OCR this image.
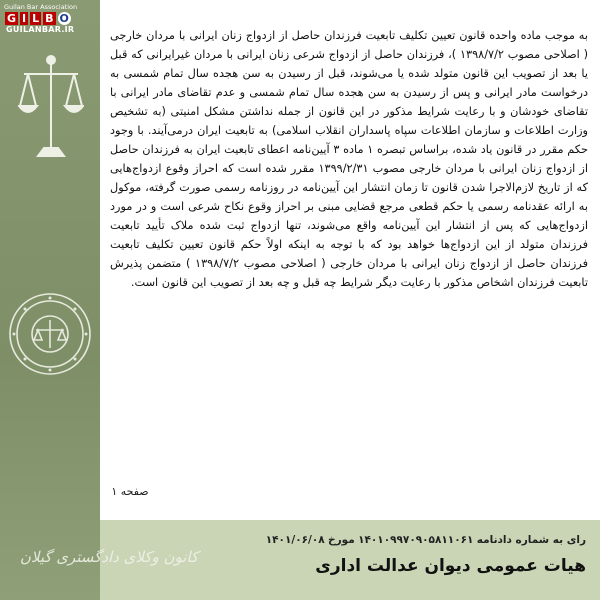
Guilan Bar Association
G I L B O
GUILANBAR.IR	به موجب ماده واحده قانون تعیین تکلیف تابعیت فرزندان حاصل از ازدواج زنان ایرانی با مردان خارجی ( اصلاحی مصوب ۱۳۹۸/۷/۲ )، فرزندان حاصل از ازدواج شرعی زنان ایرانی با مردان غیرایرانی که قبل یا بعد از تصویب این قانون متولد شده یا می‌شوند، قبل از رسیدن به سن هجده سال تمام شمسی به درخواست مادر ایرانی و پس از رسیدن به سن هجده سال تمام شمسی و عدم تقاضای مادر ایرانی با تقاضای خودشان و با رعایت شرایط مذکور در این قانون از جمله نداشتن مشکل امنیتی (به تشخیص وزارت اطلاعات و سازمان اطلاعات سپاه پاسداران انقلاب اسلامی) به تابعیت ایران درمی‌آیند. با وجود حکم مقرر در قانون یاد شده، براساس تبصره ۱ ماده ۳ آیین‌نامه اعطای تابعیت ایران به فرزندان حاصل از ازدواج زنان ایرانی با مردان خارجی مصوب ۱۳۹۹/۲/۳۱ مقرر شده است که احراز وقوع ازدواج‌هایی که از تاریخ لازم‌الاجرا شدن قانون تا زمان انتشار این آیین‌نامه در روزنامه رسمی صورت گرفته، موکول به ارائه عقدنامه رسمی یا حکم قطعی مرجع قضایی مبنی بر احراز وقوع نکاح شرعی است و در مورد ازدواج‌هایی که پس از انتشار این آیین‌نامه واقع می‌شوند، تنها ازدواج ثبت شده ملاک تأیید تابعیت فرزندان متولد از این ازدواج‌ها خواهد بود که با توجه به اینکه اولاً حکم قانون تعیین تکلیف تابعیت فرزندان حاصل از ازدواج زنان ایرانی با مردان خارجی ( اصلاحی مصوب ۱۳۹۸/۷/۲ ) متضمن پذیرش تابعیت فرزندان اشخاص مذکور با رعایت دیگر شرایط چه قبل و چه بعد از تصویب این قانون است.

صفحه ۱
رای به شماره دادنامه ۱۴۰۱۰۹۹۷۰۹۰۵۸۱۱۰۶۱ مورخ ۱۴۰۱/۰۶/۰۸
هیات عمومی دیوان عدالت اداری
کانون وکلای دادگستری گیلان
